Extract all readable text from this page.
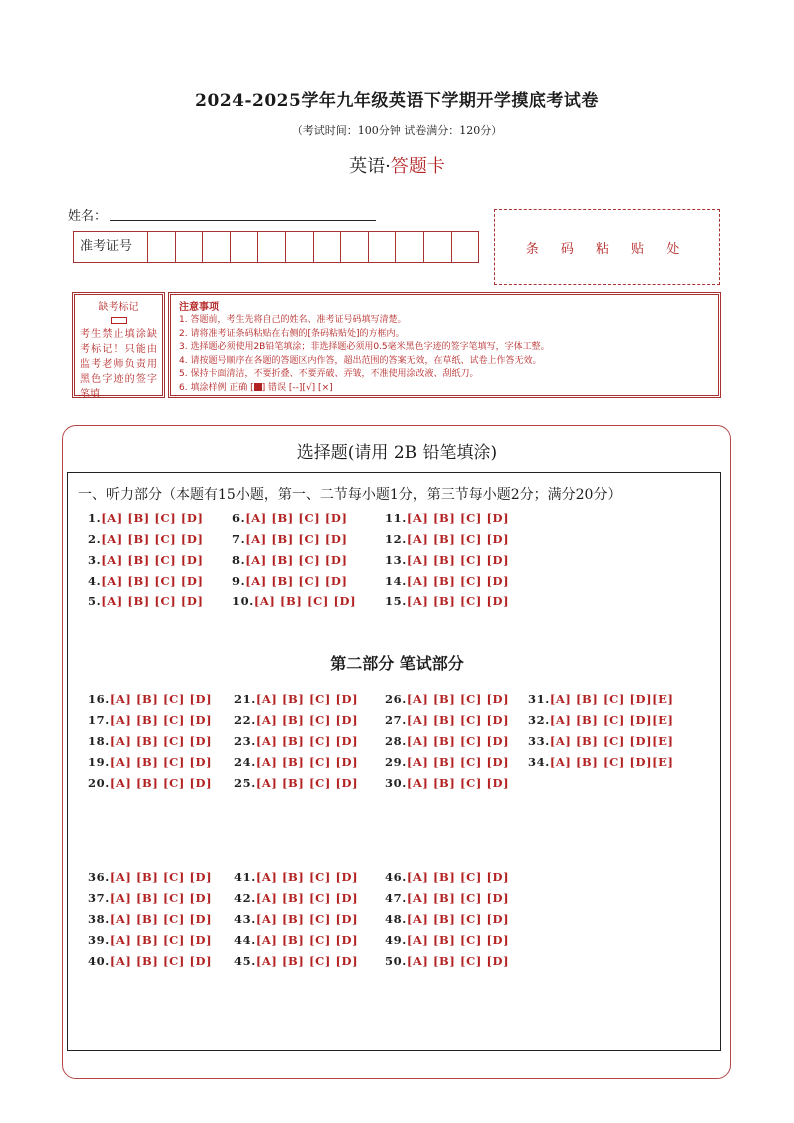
2024-2025学年九年级英语下学期开学摸底考试卷
（考试时间：100分钟 试卷满分：120分）
英语·答题卡
姓名：
准考证号	条 码 粘 贴 处
缺考标记
考生禁止填涂缺考标记！只能由监考老师负责用黑色字迹的签字笔填
注意事项
1. 答题前，考生先将自己的姓名、准考证号码填写清楚。
2. 请将准考证条码粘贴在右侧的[条码粘贴处]的方框内。
3. 选择题必须使用2B铅笔填涂；非选择题必须用0.5毫米黑色字迹的签字笔填写，字体工整。
4. 请按题号顺序在各题的答题区内作答，超出范围的答案无效，在草纸、试卷上作答无效。
5. 保持卡面清洁，不要折叠、不要弄破、弄皱，不准使用涂改液、刮纸刀。
6. 填涂样例 正确 [ ] 错误 [--][√] [×]
选择题(请用 2B 铅笔填涂)
一、听力部分（本题有15小题，第一、二节每小题1分，第三节每小题2分；满分20分）
第二部分 笔试部分
1.[A] [B] [C] [D]
2.[A] [B] [C] [D]
3.[A] [B] [C] [D]
4.[A] [B] [C] [D]
5.[A] [B] [C] [D]
6.[A] [B] [C] [D]
7.[A] [B] [C] [D]
8.[A] [B] [C] [D]
9.[A] [B] [C] [D]
10.[A] [B] [C] [D]
11.[A] [B] [C] [D]
12.[A] [B] [C] [D]
13.[A] [B] [C] [D]
14.[A] [B] [C] [D]
15.[A] [B] [C] [D]
16.[A] [B] [C] [D]
17.[A] [B] [C] [D]
18.[A] [B] [C] [D]
19.[A] [B] [C] [D]
20.[A] [B] [C] [D]
21.[A] [B] [C] [D]
22.[A] [B] [C] [D]
23.[A] [B] [C] [D]
24.[A] [B] [C] [D]
25.[A] [B] [C] [D]
26.[A] [B] [C] [D]
27.[A] [B] [C] [D]
28.[A] [B] [C] [D]
29.[A] [B] [C] [D]
30.[A] [B] [C] [D]
31.[A] [B] [C] [D][E]
32.[A] [B] [C] [D][E]
33.[A] [B] [C] [D][E]
34.[A] [B] [C] [D][E]
36.[A] [B] [C] [D]
37.[A] [B] [C] [D]
38.[A] [B] [C] [D]
39.[A] [B] [C] [D]
40.[A] [B] [C] [D]
41.[A] [B] [C] [D]
42.[A] [B] [C] [D]
43.[A] [B] [C] [D]
44.[A] [B] [C] [D]
45.[A] [B] [C] [D]
46.[A] [B] [C] [D]
47.[A] [B] [C] [D]
48.[A] [B] [C] [D]
49.[A] [B] [C] [D]
50.[A] [B] [C] [D]
